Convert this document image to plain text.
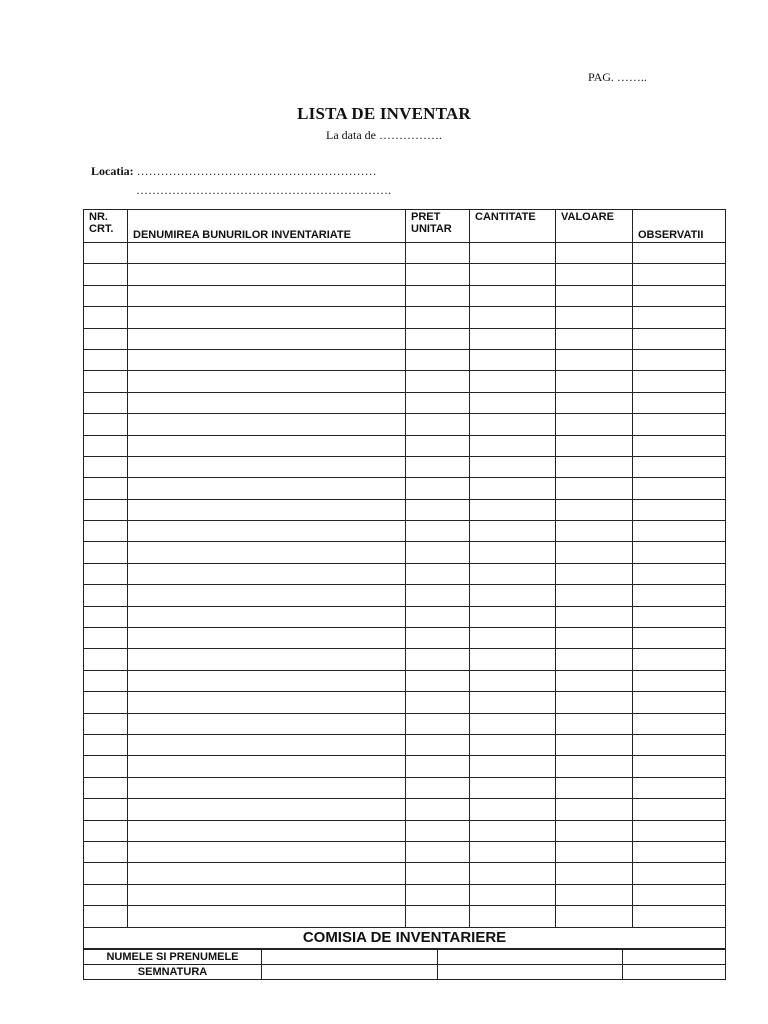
PAG. ……..
LISTA DE INVENTAR
La data de …………….
Locatia: ……………………………………………………
……………………………………………………….
NR. CRT.	DENUMIREA BUNURILOR INVENTARIATE	PRET UNITAR	CANTITATE	VALOARE	OBSERVATII

COMISIA DE INVENTARIERE					
NUMELE SI PRENUMELE			
SEMNATURA			
